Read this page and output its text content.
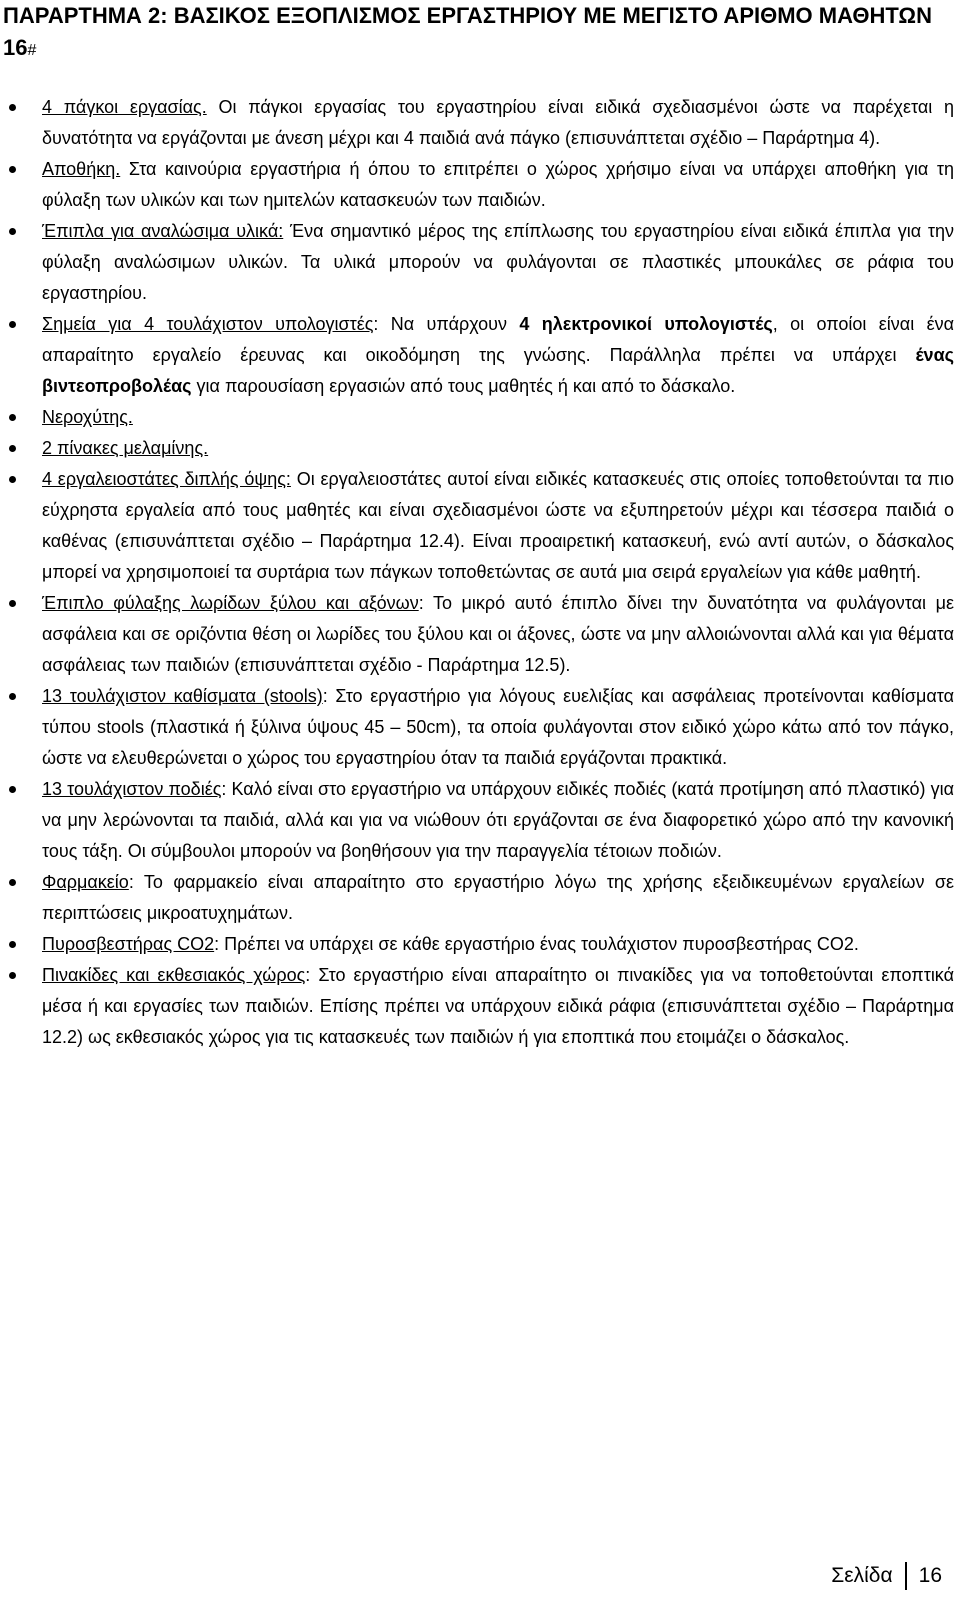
ΠΑΡΑΡΤΗΜΑ 2: ΒΑΣΙΚΟΣ ΕΞΟΠΛΙΣΜΟΣ ΕΡΓΑΣΤΗΡΙΟΥ ΜΕ ΜΕΓΙΣΤΟ ΑΡΙΘΜΟ ΜΑΘΗΤΩΝ 16#
4 πάγκοι εργασίας. Οι πάγκοι εργασίας του εργαστηρίου είναι ειδικά σχεδιασμένοι ώστε να παρέχεται η δυνατότητα να εργάζονται με άνεση μέχρι και 4 παιδιά ανά πάγκο (επισυνάπτεται σχέδιο – Παράρτημα 4).
Αποθήκη. Στα καινούρια εργαστήρια ή όπου το επιτρέπει ο χώρος χρήσιμο είναι να υπάρχει αποθήκη για τη φύλαξη των υλικών και των ημιτελών κατασκευών των παιδιών.
Έπιπλα για αναλώσιμα υλικά: Ένα σημαντικό μέρος της επίπλωσης του εργαστηρίου είναι ειδικά έπιπλα για την φύλαξη αναλώσιμων υλικών. Τα υλικά μπορούν να φυλάγονται σε πλαστικές μπουκάλες σε ράφια του εργαστηρίου.
Σημεία για 4 τουλάχιστον υπολογιστές: Να υπάρχουν 4 ηλεκτρονικοί υπολογιστές, οι οποίοι είναι ένα απαραίτητο εργαλείο έρευνας και οικοδόμηση της γνώσης. Παράλληλα πρέπει να υπάρχει ένας βιντεοπροβολέας για παρουσίαση εργασιών από τους μαθητές ή και από το δάσκαλο.
Νεροχύτης.
2 πίνακες μελαμίνης.
4 εργαλειοστάτες διπλής όψης: Οι εργαλειοστάτες αυτοί είναι ειδικές κατασκευές στις οποίες τοποθετούνται τα πιο εύχρηστα εργαλεία από τους μαθητές και είναι σχεδιασμένοι ώστε να εξυπηρετούν μέχρι και τέσσερα παιδιά ο καθένας (επισυνάπτεται σχέδιο – Παράρτημα 12.4). Είναι προαιρετική κατασκευή, ενώ αντί αυτών, ο δάσκαλος μπορεί να χρησιμοποιεί τα συρτάρια των πάγκων τοποθετώντας σε αυτά μια σειρά εργαλείων για κάθε μαθητή.
Έπιπλο φύλαξης λωρίδων ξύλου και αξόνων: Το μικρό αυτό έπιπλο δίνει την δυνατότητα να φυλάγονται με ασφάλεια και σε οριζόντια θέση οι λωρίδες του ξύλου και οι άξονες, ώστε να μην αλλοιώνονται αλλά και για θέματα ασφάλειας των παιδιών (επισυνάπτεται σχέδιο - Παράρτημα 12.5).
13 τουλάχιστον καθίσματα (stools): Στο εργαστήριο για λόγους ευελιξίας και ασφάλειας προτείνονται καθίσματα τύπου stools (πλαστικά ή ξύλινα ύψους 45 – 50cm), τα οποία φυλάγονται στον ειδικό χώρο κάτω από τον πάγκο, ώστε να ελευθερώνεται ο χώρος του εργαστηρίου όταν τα παιδιά εργάζονται πρακτικά.
13 τουλάχιστον ποδιές: Καλό είναι στο εργαστήριο να υπάρχουν ειδικές ποδιές (κατά προτίμηση από πλαστικό) για να μην λερώνονται τα παιδιά, αλλά και για να νιώθουν ότι εργάζονται σε ένα διαφορετικό χώρο από την κανονική τους τάξη. Οι σύμβουλοι μπορούν να βοηθήσουν για την παραγγελία τέτοιων ποδιών.
Φαρμακείο: Το φαρμακείο είναι απαραίτητο στο εργαστήριο λόγω της χρήσης εξειδικευμένων εργαλείων σε περιπτώσεις μικροατυχημάτων.
Πυροσβεστήρας CO2: Πρέπει να υπάρχει σε κάθε εργαστήριο ένας τουλάχιστον πυροσβεστήρας CO2.
Πινακίδες και εκθεσιακός χώρος: Στο εργαστήριο είναι απαραίτητο οι πινακίδες για να τοποθετούνται εποπτικά μέσα ή και εργασίες των παιδιών. Επίσης πρέπει να υπάρχουν ειδικά ράφια (επισυνάπτεται σχέδιο – Παράρτημα 12.2) ως εκθεσιακός χώρος για τις κατασκευές των παιδιών ή για εποπτικά που ετοιμάζει ο δάσκαλος.
Σελίδα 16
